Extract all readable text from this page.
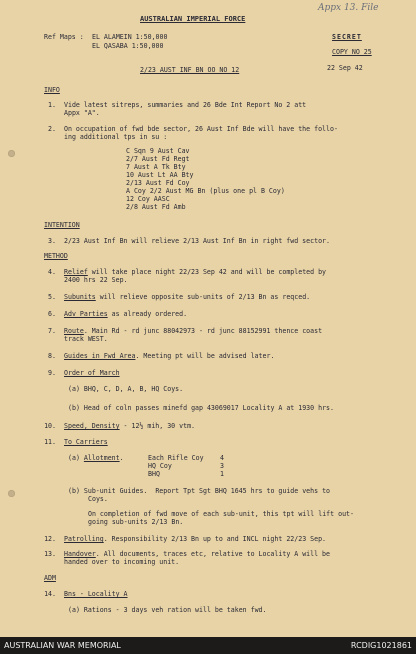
AUSTRALIAN IMPERIAL FORCE
Appx 13. File
Ref Maps : EL ALAMEIN 1:50,000
EL QASABA 1:50,000
SECRET
COPY NO 25
2/23 AUST INF BN OO NO 12	22 Sep 42
INFO
1. Vide latest sitreps, summaries and 26 Bde Int Report No 2 att
Appx "A".
2. On occupation of fwd bde sector, 26 Aust Inf Bde will have the follo-
ing additional tps in su :
C Sqn 9 Aust Cav
2/7 Aust Fd Regt
7 Aust A Tk Bty
10 Aust Lt AA Bty
2/13 Aust Fd Coy
A Coy 2/2 Aust MG Bn (plus one pl B Coy)
12 Coy AASC
2/8 Aust Fd Amb
INTENTION
3. 2/23 Aust Inf Bn will relieve 2/13 Aust Inf Bn in right fwd sector.
METHOD
4. Relief will take place night 22/23 Sep 42 and will be completed by
2400 hrs 22 Sep.
5. Subunits will relieve opposite sub-units of 2/13 Bn as reqced.
6. Adv Parties as already ordered.
7. Route. Main Rd - rd junc 88042973 - rd junc 88152991 thence coast
track WEST.
8. Guides in Fwd Area. Meeting pt will be advised later.
9. Order of March
(a) BHQ, C, D, A, B, HQ Coys.
(b) Head of coln passes minefd gap 43069017 Locality A at 1930 hrs.
10. Speed, Density - 12½ mih, 30 vtm.
11. To Carriers
(a) Allotment.	Each Rifle Coy 4
HQ Coy	3
BHQ	1
(b) Sub-unit Guides.  Report Tpt Sgt BHQ 1645 hrs to guide vehs to
Coys.
On completion of fwd move of each sub-unit, this tpt will lift out-
going sub-units 2/13 Bn.
12. Patrolling. Responsibility 2/13 Bn up to and INCL night 22/23 Sep.
13. Handover. All documents, traces etc, relative to Locality A will be
handed over to incoming unit.
ADM
14. Bns - Locality A
(a) Rations - 3 days veh ration will be taken fwd.
AUSTRALIAN WAR MEMORIAL	RCDIG1021861
